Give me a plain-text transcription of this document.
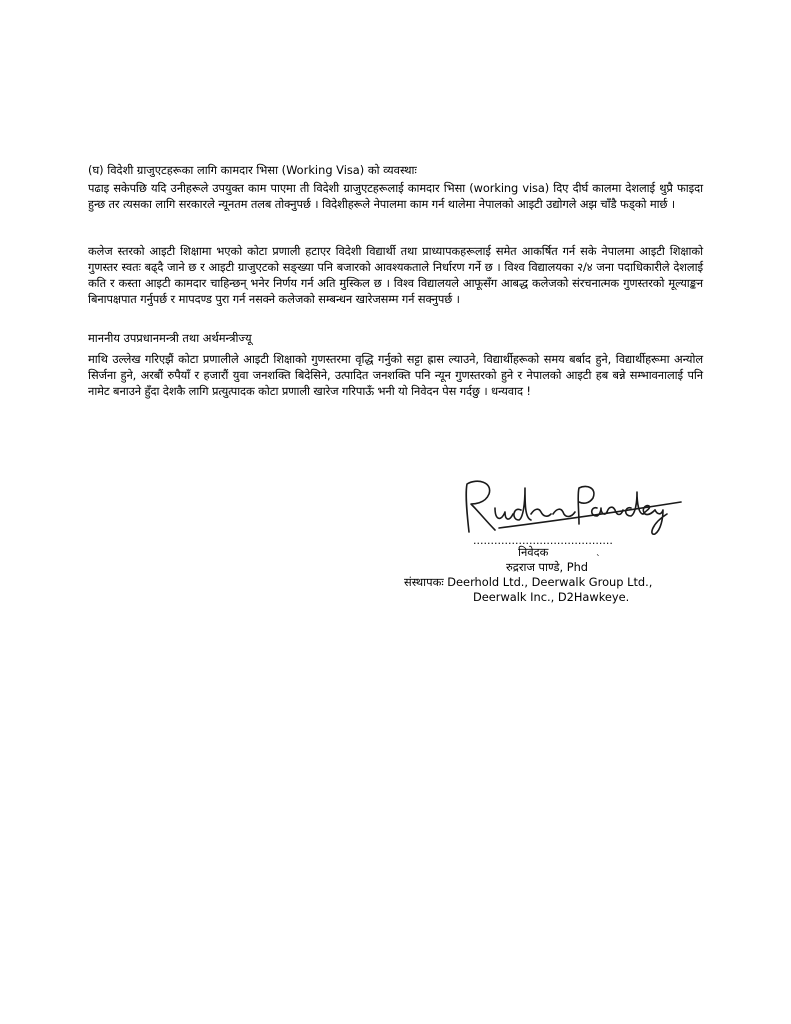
(घ) विदेशी ग्राजुएटहरूका लागि कामदार भिसा (Working Visa) को व्यवस्थाः

पढाइ सकेपछि यदि उनीहरूले उपयुक्त काम पाएमा ती विदेशी ग्राजुएटहरूलाई कामदार भिसा (working visa) दिए दीर्घ कालमा देशलाई थुप्रै फाइदा हुन्छ तर त्यसका लागि सरकारले न्यूनतम तलब तोक्नुपर्छ । विदेशीहरूले नेपालमा काम गर्न थालेमा नेपालको आइटी उद्योगले अझ चाँडै फड्को मार्छ ।

कलेज स्तरको आइटी शिक्षामा भएको कोटा प्रणाली हटाएर विदेशी विद्यार्थी तथा प्राध्यापकहरूलाई समेत आकर्षित गर्न सके नेपालमा आइटी शिक्षाको गुणस्तर स्वतः बढ्दै जाने छ र आइटी ग्राजुएटको सङ्ख्या पनि बजारको आवश्यकताले निर्धारण गर्ने छ । विश्व विद्यालयका २/४ जना पदाधिकारीले देशलाई कति र कस्ता आइटी कामदार चाहिन्छन् भनेर निर्णय गर्न अति मुस्किल छ । विश्व विद्यालयले आफूसँग आबद्ध कलेजको संरचनात्मक गुणस्तरको मूल्याङ्कन बिनापक्षपात गर्नुपर्छ र मापदण्ड पुरा गर्न नसक्ने कलेजको सम्बन्धन खारेजसम्म गर्न सक्नुपर्छ ।

माननीय उपप्रधानमन्त्री तथा अर्थमन्त्रीज्यू

माथि उल्लेख गरिएझैं कोटा प्रणालीले आइटी शिक्षाको गुणस्तरमा वृद्धि गर्नुको सट्टा ह्रास ल्याउने, विद्यार्थीहरूको समय बर्बाद हुने, विद्यार्थीहरूमा अन्योल सिर्जना हुने, अरबौं रुपैयाँ र हजारौं युवा जनशक्ति बिदेसिने, उत्पादित जनशक्ति पनि न्यून गुणस्तरको हुने र नेपालको आइटी हब बन्ने सम्भावनालाई पनि नामेट बनाउने हुँदा देशकै लागि प्रत्युत्पादक कोटा प्रणाली खारेज गरिपाऊँ भनी यो निवेदन पेस गर्दछु । धन्यवाद !

........................................
निवेदक	ˎ
रुद्रराज पाण्डे, Phd
संस्थापकः Deerhold Ltd., Deerwalk Group Ltd.,
Deerwalk Inc., D2Hawkeye.
